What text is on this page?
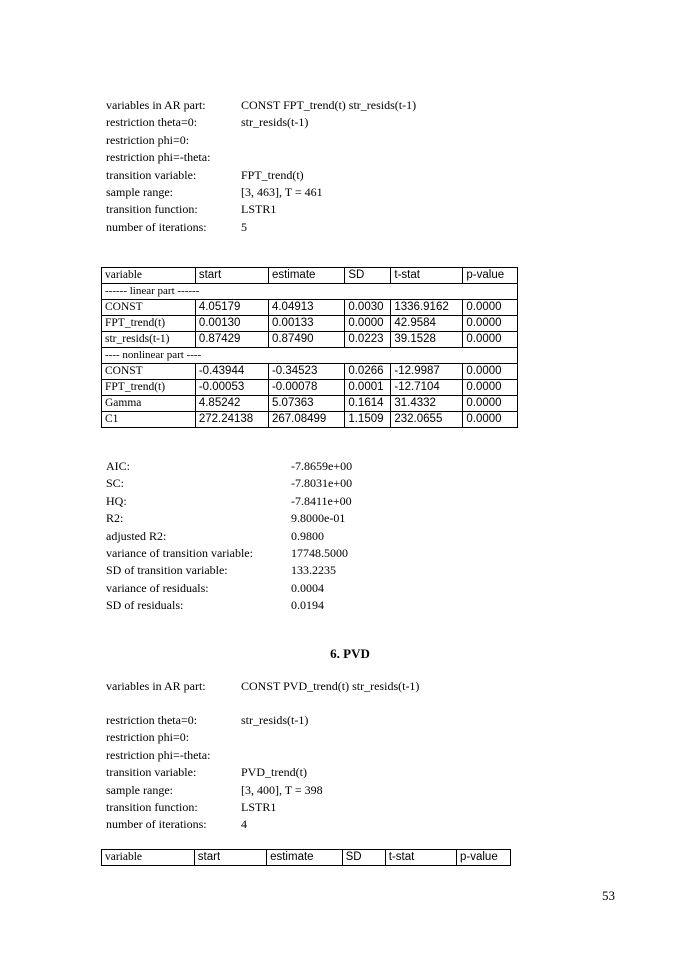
variables in AR part:	CONST FPT_trend(t) str_resids(t-1)
restriction theta=0:	str_resids(t-1)
restriction phi=0:
restriction phi=-theta:
transition variable:	FPT_trend(t)
sample range:	[3, 463], T = 461
transition function:	LSTR1
number of iterations:	5
variable	start	estimate	SD	t-stat	p-value
------ linear part ------					
CONST	4.05179	4.04913	0.0030	1336.9162	0.0000
FPT_trend(t)	0.00130	0.00133	0.0000	42.9584	0.0000
str_resids(t-1)	0.87429	0.87490	0.0223	39.1528	0.0000
---- nonlinear part ----					
CONST	-0.43944	-0.34523	0.0266	-12.9987	0.0000
FPT_trend(t)	-0.00053	-0.00078	0.0001	-12.7104	0.0000
Gamma	4.85242	5.07363	0.1614	31.4332	0.0000
C1	272.24138	267.08499	1.1509	232.0655	0.0000
AIC:	-7.8659e+00
SC:	-7.8031e+00
HQ:	-7.8411e+00
R2:	9.8000e-01
adjusted R2:	0.9800
variance of transition variable:	17748.5000
SD of transition variable:	133.2235
variance of residuals:	0.0004
SD of residuals:	0.0194
6. PVD
variables in AR part:	CONST PVD_trend(t) str_resids(t-1)
restriction theta=0:	str_resids(t-1)
restriction phi=0:
restriction phi=-theta:
transition variable:	PVD_trend(t)
sample range:	[3, 400], T = 398
transition function:	LSTR1
number of iterations:	4
variable	start	estimate	SD	t-stat	p-value
53
